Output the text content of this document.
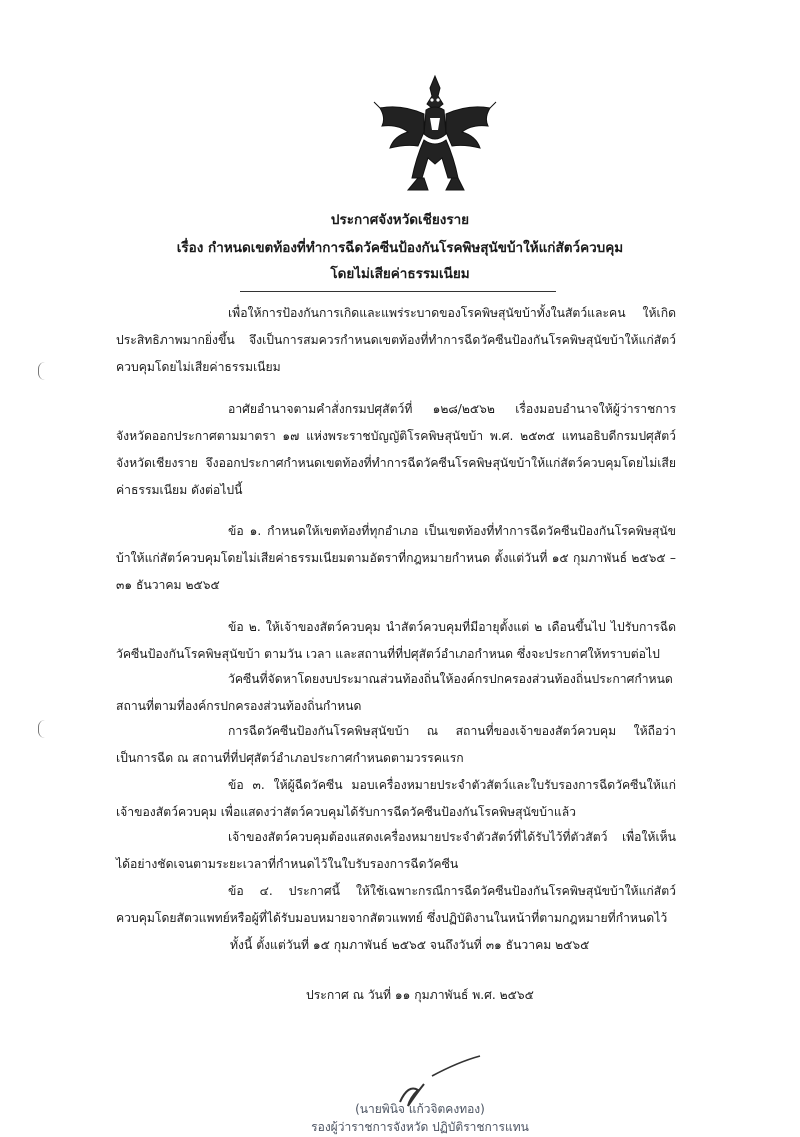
ประกาศจังหวัดเชียงราย
เรื่อง กำหนดเขตท้องที่ทำการฉีดวัคซีนป้องกันโรคพิษสุนัขบ้าให้แก่สัตว์ควบคุม
โดยไม่เสียค่าธรรมเนียม
เพื่อให้การป้องกันการเกิดและแพร่ระบาดของโรคพิษสุนัขบ้าทั้งในสัตว์และคน ให้เกิดประสิทธิภาพมากยิ่งขึ้น จึงเป็นการสมควรกำหนดเขตท้องที่ทำการฉีดวัคซีนป้องกันโรคพิษสุนัขบ้าให้แก่สัตว์ควบคุมโดยไม่เสียค่าธรรมเนียม
อาศัยอำนาจตามคำสั่งกรมปศุสัตว์ที่ ๑๒๘/๒๕๖๒ เรื่องมอบอำนาจให้ผู้ว่าราชการจังหวัดออกประกาศตามมาตรา ๑๗ แห่งพระราชบัญญัติโรคพิษสุนัขบ้า พ.ศ. ๒๕๓๕ แทนอธิบดีกรมปศุสัตว์ จังหวัดเชียงราย จึงออกประกาศกำหนดเขตท้องที่ทำการฉีดวัคซีนโรคพิษสุนัขบ้าให้แก่สัตว์ควบคุมโดยไม่เสียค่าธรรมเนียม ดังต่อไปนี้
ข้อ ๑. กำหนดให้เขตท้องที่ทุกอำเภอ เป็นเขตท้องที่ทำการฉีดวัคซีนป้องกันโรคพิษสุนัขบ้าให้แก่สัตว์ควบคุมโดยไม่เสียค่าธรรมเนียมตามอัตราที่กฎหมายกำหนด ตั้งแต่วันที่ ๑๕ กุมภาพันธ์ ๒๕๖๕ – ๓๑ ธันวาคม ๒๕๖๕
ข้อ ๒. ให้เจ้าของสัตว์ควบคุม นำสัตว์ควบคุมที่มีอายุตั้งแต่ ๒ เดือนขึ้นไป ไปรับการฉีดวัคซีนป้องกันโรคพิษสุนัขบ้า ตามวัน เวลา และสถานที่ที่ปศุสัตว์อำเภอกำหนด ซึ่งจะประกาศให้ทราบต่อไป
วัคซีนที่จัดหาโดยงบประมาณส่วนท้องถิ่นให้องค์กรปกครองส่วนท้องถิ่นประกาศกำหนดสถานที่ตามที่องค์กรปกครองส่วนท้องถิ่นกำหนด
การฉีดวัคซีนป้องกันโรคพิษสุนัขบ้า ณ สถานที่ของเจ้าของสัตว์ควบคุม ให้ถือว่าเป็นการฉีด ณ สถานที่ที่ปศุสัตว์อำเภอประกาศกำหนดตามวรรคแรก
ข้อ ๓. ให้ผู้ฉีดวัคซีน มอบเครื่องหมายประจำตัวสัตว์และใบรับรองการฉีดวัคซีนให้แก่เจ้าของสัตว์ควบคุม เพื่อแสดงว่าสัตว์ควบคุมได้รับการฉีดวัคซีนป้องกันโรคพิษสุนัขบ้าแล้ว
เจ้าของสัตว์ควบคุมต้องแสดงเครื่องหมายประจำตัวสัตว์ที่ได้รับไว้ที่ตัวสัตว์ เพื่อให้เห็นได้อย่างชัดเจนตามระยะเวลาที่กำหนดไว้ในใบรับรองการฉีดวัคซีน
ข้อ ๔. ประกาศนี้ ให้ใช้เฉพาะกรณีการฉีดวัคซีนป้องกันโรคพิษสุนัขบ้าให้แก่สัตว์ควบคุมโดยสัตวแพทย์หรือผู้ที่ได้รับมอบหมายจากสัตวแพทย์ ซึ่งปฏิบัติงานในหน้าที่ตามกฎหมายที่กำหนดไว้
ทั้งนี้ ตั้งแต่วันที่ ๑๕ กุมภาพันธ์ ๒๕๖๕ จนถึงวันที่ ๓๑ ธันวาคม ๒๕๖๕
ประกาศ ณ วันที่ ๑๑ กุมภาพันธ์ พ.ศ. ๒๕๖๕
(นายพินิจ แก้วจิตคงทอง)
รองผู้ว่าราชการจังหวัด ปฏิบัติราชการแทน
